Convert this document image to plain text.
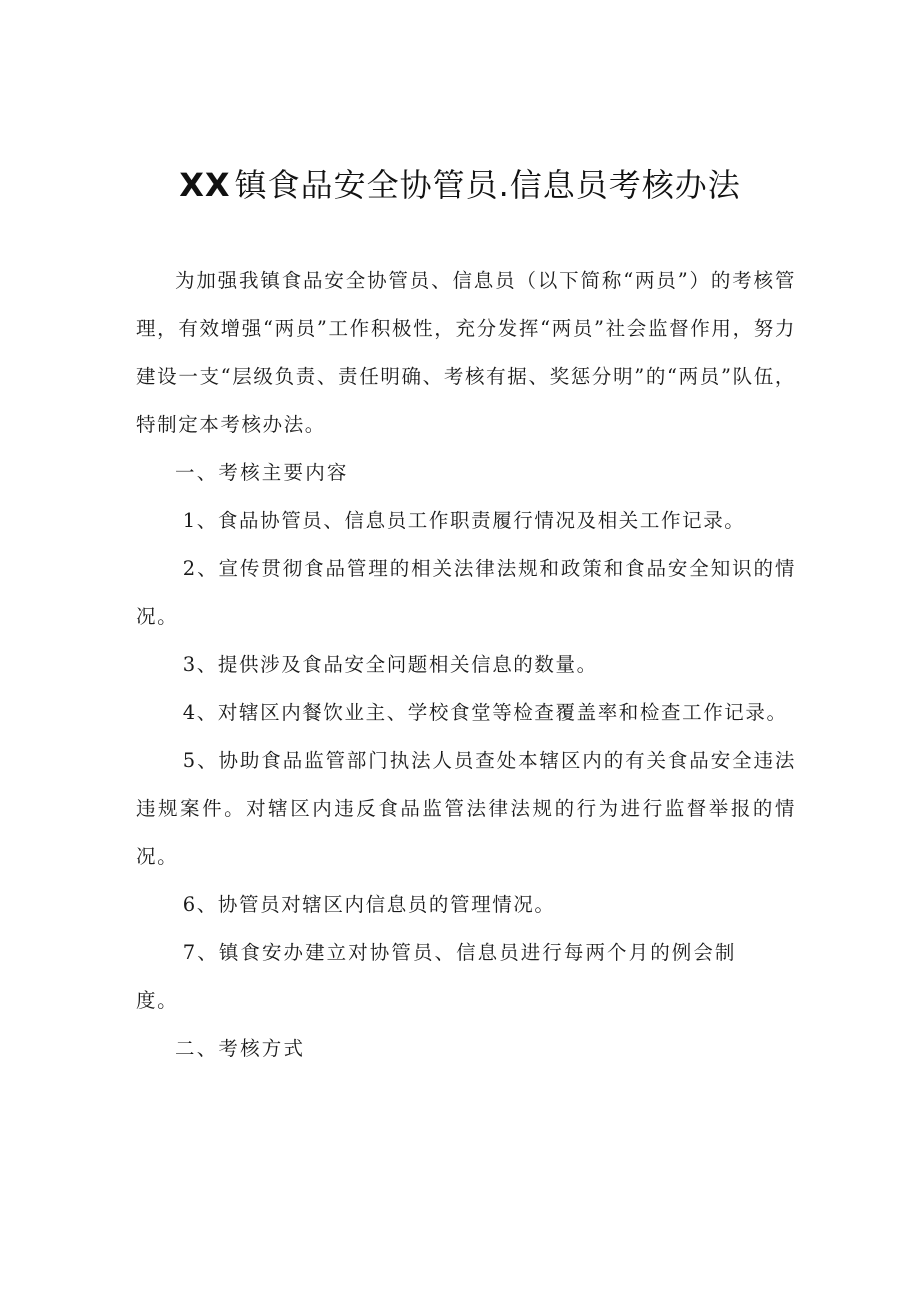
XX 镇食品安全协管员.信息员考核办法

为加强我镇食品安全协管员、信息员（以下简称“两员”）的考核管理，有效增强“两员”工作积极性，充分发挥“两员”社会监督作用，努力建设一支“层级负责、责任明确、考核有据、奖惩分明”的“两员”队伍，特制定本考核办法。

一、考核主要内容

1、食品协管员、信息员工作职责履行情况及相关工作记录。

2、宣传贯彻食品管理的相关法律法规和政策和食品安全知识的情况。

3、提供涉及食品安全问题相关信息的数量。

4、对辖区内餐饮业主、学校食堂等检查覆盖率和检查工作记录。

5、协助食品监管部门执法人员查处本辖区内的有关食品安全违法违规案件。对辖区内违反食品监管法律法规的行为进行监督举报的情况。

6、协管员对辖区内信息员的管理情况。

7、镇食安办建立对协管员、信息员进行每两个月的例会制度。

二、考核方式
